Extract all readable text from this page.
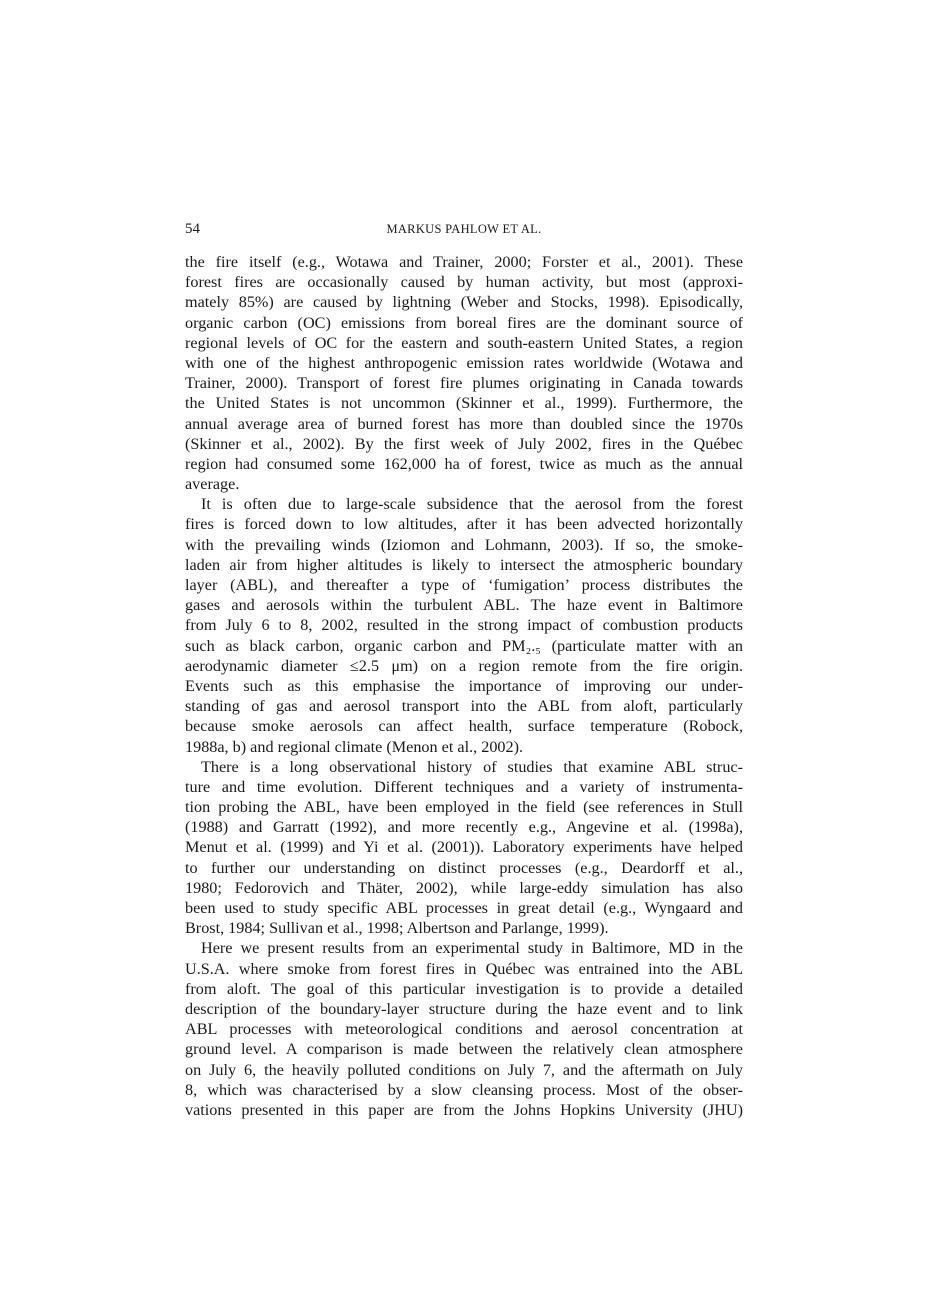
54	MARKUS PAHLOW ET AL.
the fire itself (e.g., Wotawa and Trainer, 2000; Forster et al., 2001). These
forest fires are occasionally caused by human activity, but most (approxi-
mately 85%) are caused by lightning (Weber and Stocks, 1998). Episodically,
organic carbon (OC) emissions from boreal fires are the dominant source of
regional levels of OC for the eastern and south-eastern United States, a region
with one of the highest anthropogenic emission rates worldwide (Wotawa and
Trainer, 2000). Transport of forest fire plumes originating in Canada towards
the United States is not uncommon (Skinner et al., 1999). Furthermore, the
annual average area of burned forest has more than doubled since the 1970s
(Skinner et al., 2002). By the first week of July 2002, fires in the Québec
region had consumed some 162,000 ha of forest, twice as much as the annual
average.
It is often due to large-scale subsidence that the aerosol from the forest
fires is forced down to low altitudes, after it has been advected horizontally
with the prevailing winds (Iziomon and Lohmann, 2003). If so, the smoke-
laden air from higher altitudes is likely to intersect the atmospheric boundary
layer (ABL), and thereafter a type of ‘fumigation’ process distributes the
gases and aerosols within the turbulent ABL. The haze event in Baltimore
from July 6 to 8, 2002, resulted in the strong impact of combustion products
such as black carbon, organic carbon and PM₂.₅ (particulate matter with an
aerodynamic diameter ≤2.5 μm) on a region remote from the fire origin.
Events such as this emphasise the importance of improving our under-
standing of gas and aerosol transport into the ABL from aloft, particularly
because smoke aerosols can affect health, surface temperature (Robock,
1988a, b) and regional climate (Menon et al., 2002).
There is a long observational history of studies that examine ABL struc-
ture and time evolution. Different techniques and a variety of instrumenta-
tion probing the ABL, have been employed in the field (see references in Stull
(1988) and Garratt (1992), and more recently e.g., Angevine et al. (1998a),
Menut et al. (1999) and Yi et al. (2001)). Laboratory experiments have helped
to further our understanding on distinct processes (e.g., Deardorff et al.,
1980; Fedorovich and Thäter, 2002), while large-eddy simulation has also
been used to study specific ABL processes in great detail (e.g., Wyngaard and
Brost, 1984; Sullivan et al., 1998; Albertson and Parlange, 1999).
Here we present results from an experimental study in Baltimore, MD in the
U.S.A. where smoke from forest fires in Québec was entrained into the ABL
from aloft. The goal of this particular investigation is to provide a detailed
description of the boundary-layer structure during the haze event and to link
ABL processes with meteorological conditions and aerosol concentration at
ground level. A comparison is made between the relatively clean atmosphere
on July 6, the heavily polluted conditions on July 7, and the aftermath on July
8, which was characterised by a slow cleansing process. Most of the obser-
vations presented in this paper are from the Johns Hopkins University (JHU)
